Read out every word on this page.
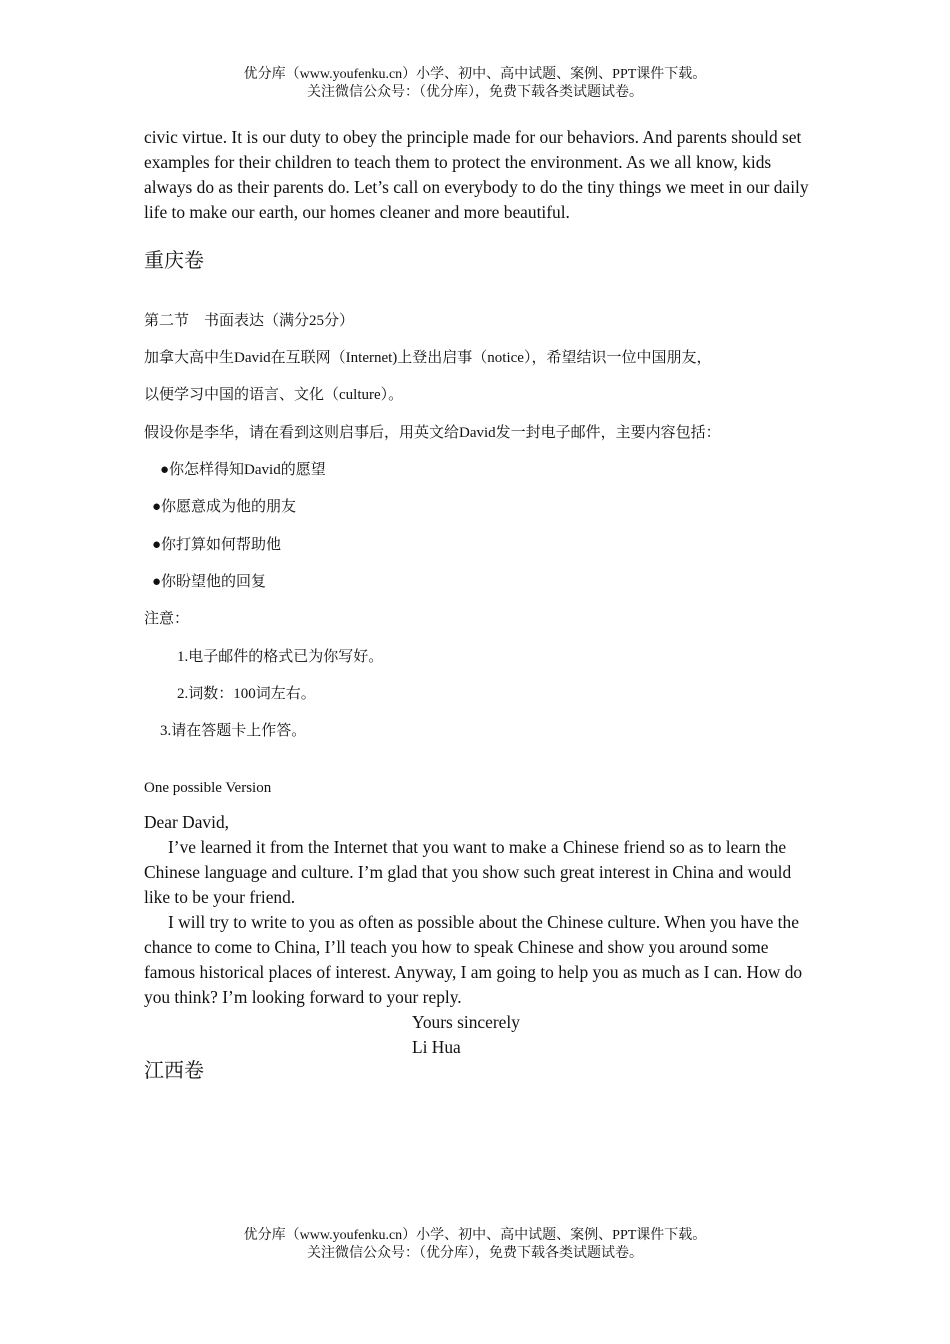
优分库（www.youfenku.cn）小学、初中、高中试题、案例、PPT课件下载。
关注微信公众号：（优分库），免费下载各类试题试卷。
civic virtue. It is our duty to obey the principle made for our behaviors. And parents should set examples for their children to teach them to protect the environment. As we all know, kids always do as their parents do. Let’s call on everybody to do the tiny things we meet in our daily life to make our earth, our homes cleaner and more beautiful.
重庆卷
第二节　书面表达（满分25分）
加拿大高中生David在互联网（Internet)上登出启事（notice），希望结识一位中国朋友，
以便学习中国的语言、文化（culture）。
假设你是李华，请在看到这则启事后，用英文给David发一封电子邮件，主要内容包括：
●你怎样得知David的愿望
●你愿意成为他的朋友
●你打算如何帮助他
●你盼望他的回复
注意：
1.电子邮件的格式已为你写好。
2.词数：100词左右。
3.请在答题卡上作答。
One possible Version
Dear David,
I’ve learned it from the Internet that you want to make a Chinese friend so as to learn the Chinese language and culture. I’m glad that you show such great interest in China and would like to be your friend.
I will try to write to you as often as possible about the Chinese culture. When you have the chance to come to China, I’ll teach you how to speak Chinese and show you around some famous historical places of interest. Anyway, I am going to help you as much as I can. How do you think? I’m looking forward to your reply.
Yours sincerely
Li Hua
江西卷
优分库（www.youfenku.cn）小学、初中、高中试题、案例、PPT课件下载。
关注微信公众号：（优分库），免费下载各类试题试卷。
